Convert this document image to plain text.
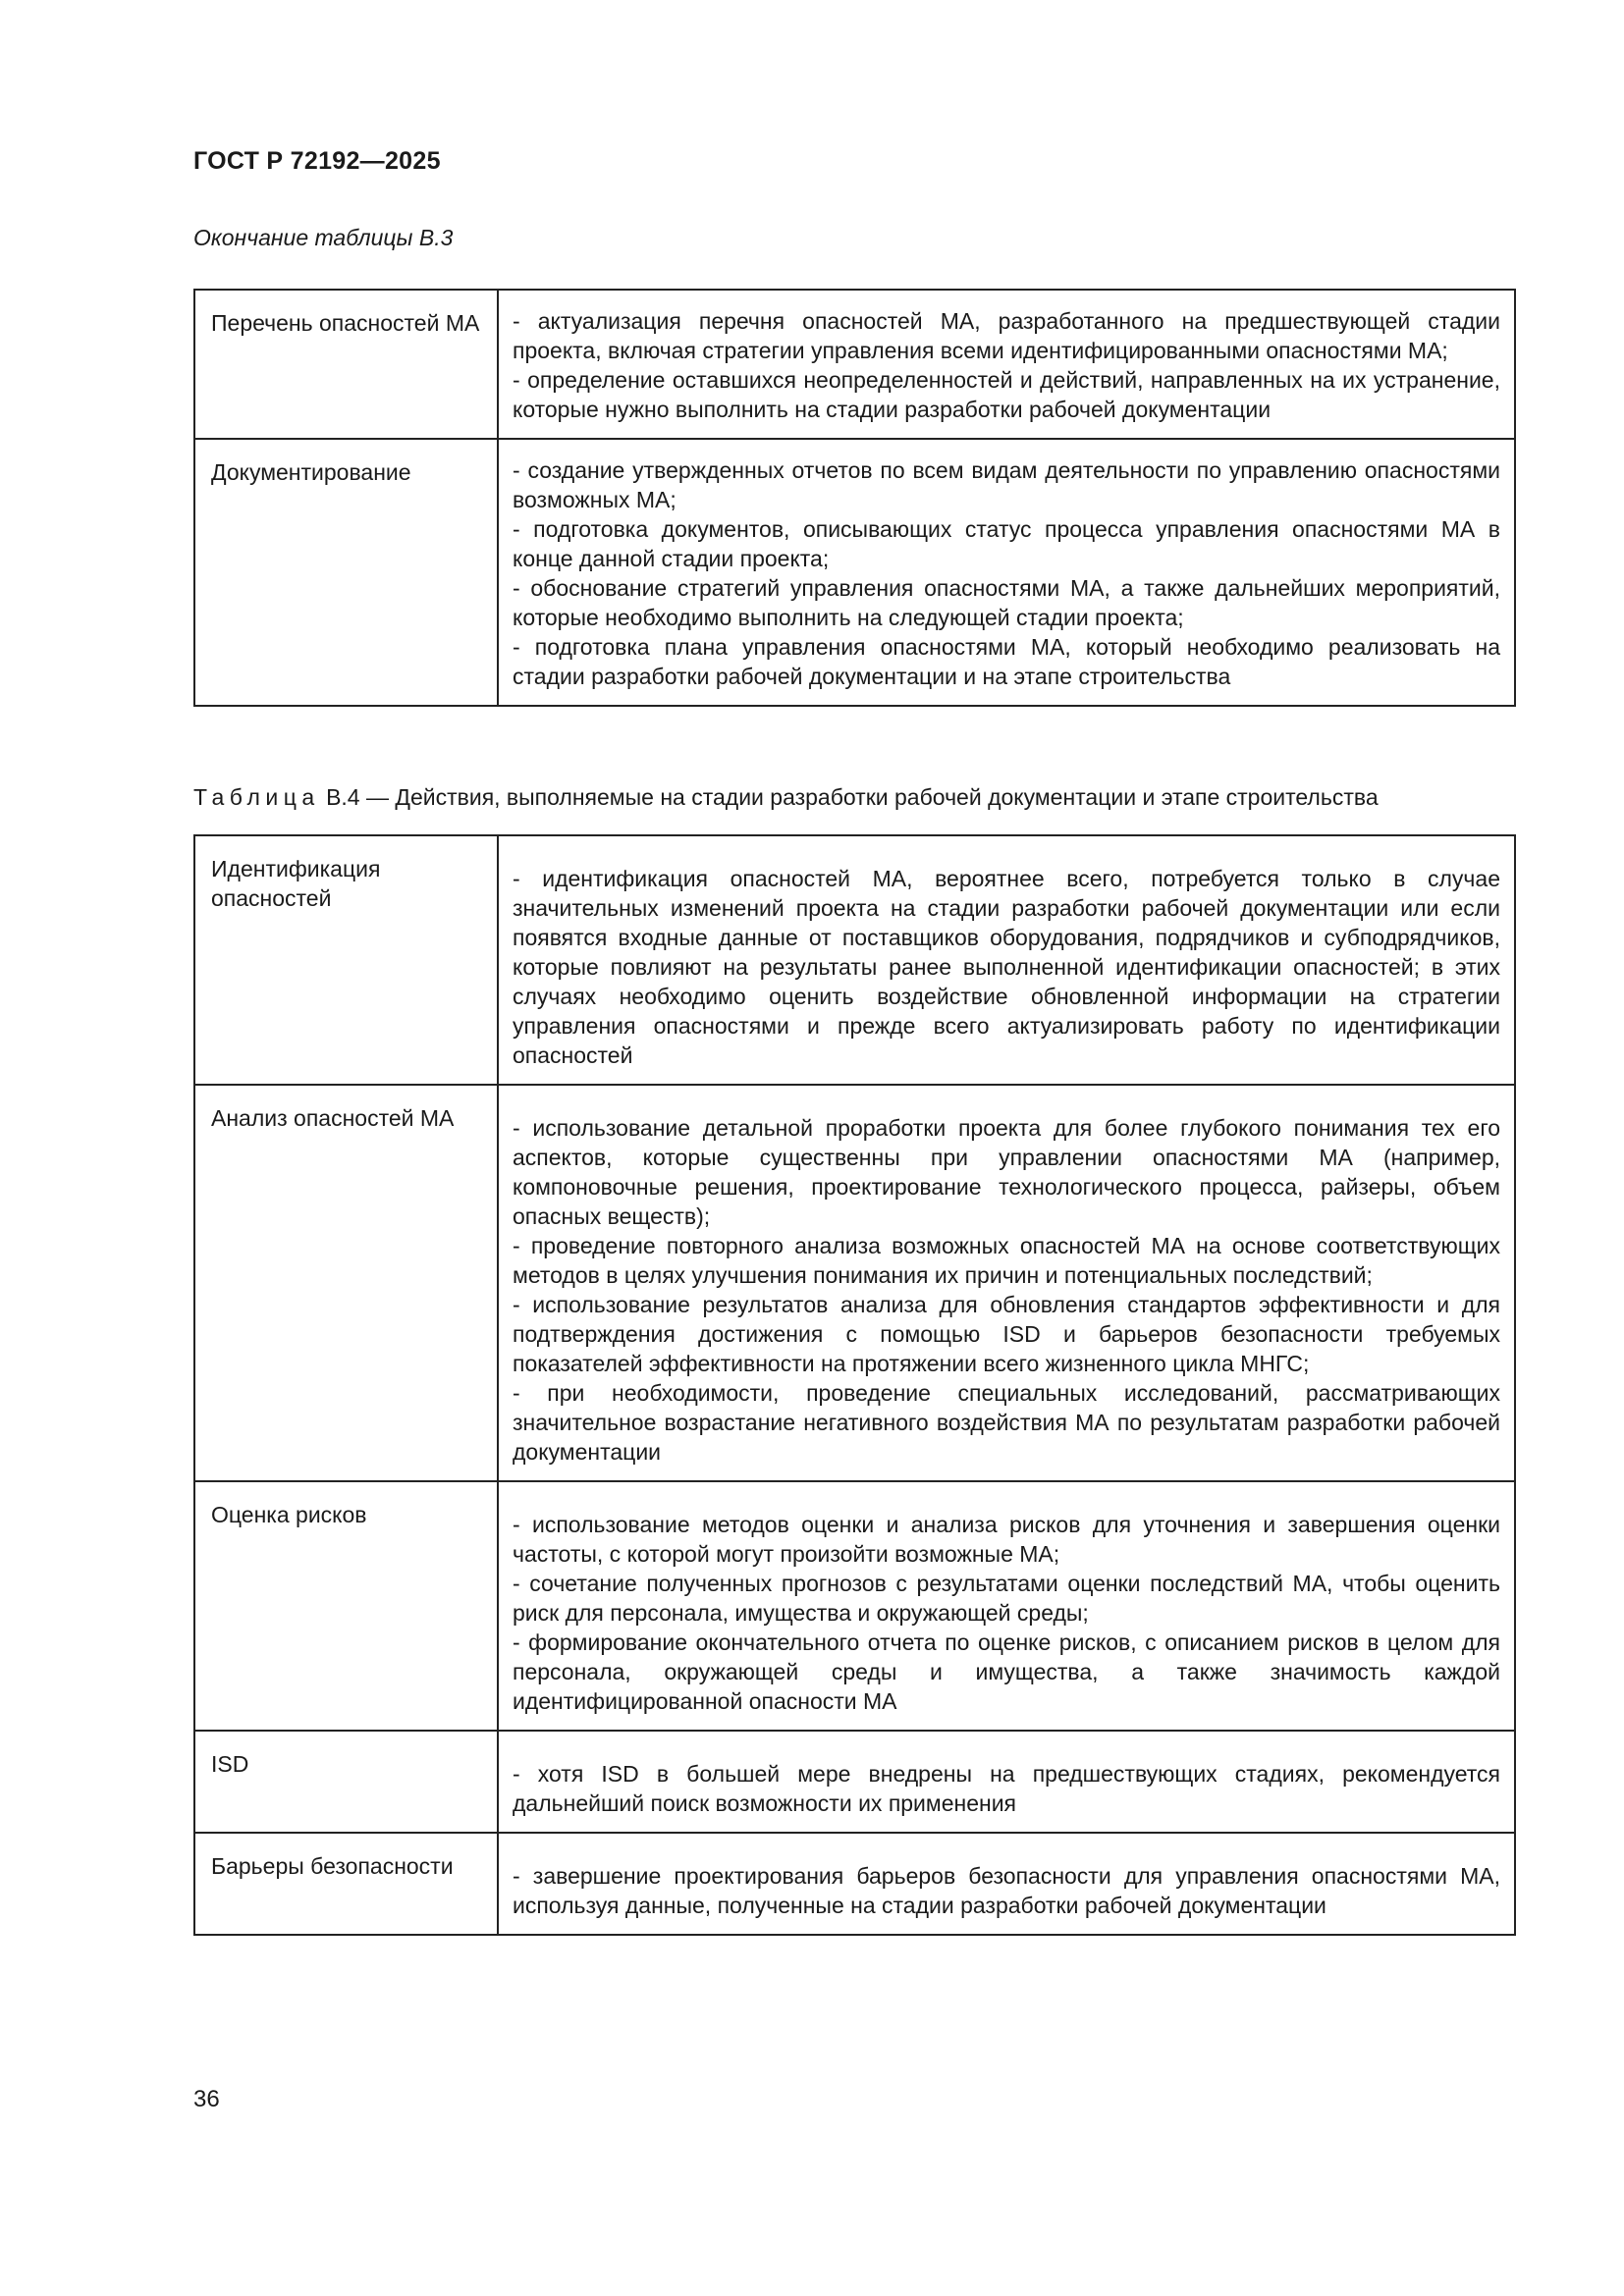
ГОСТ Р 72192—2025
Окончание таблицы В.3
Перечень опасностей МА	- актуализация перечня опасностей МА, разработанного на предшествующей стадии проекта, включая стратегии управления всеми идентифицированными опасностями МА;
- определение оставшихся неопределенностей и действий, направленных на их устранение, которые нужно выполнить на стадии разработки рабочей документации

Документирование	- создание утвержденных отчетов по всем видам деятельности по управлению опасностями возможных МА;
- подготовка документов, описывающих статус процесса управления опасностями МА в конце данной стадии проекта;
- обоснование стратегий управления опасностями МА, а также дальнейших мероприятий, которые необходимо выполнить на следующей стадии проекта;
- подготовка плана управления опасностями МА, который необходимо реализовать на стадии разработки рабочей документации и на этапе строительства
Таблица В.4 — Действия, выполняемые на стадии разработки рабочей документации и этапе строительства
Идентификация опасностей	- идентификация опасностей МА, вероятнее всего, потребуется только в случае значительных изменений проекта на стадии разработки рабочей документации или если появятся входные данные от поставщиков оборудования, подрядчиков и субподрядчиков, которые повлияют на результаты ранее выполненной идентификации опасностей; в этих случаях необходимо оценить воздействие обновленной информации на стратегии управления опасностями и прежде всего актуализировать работу по идентификации опасностей

Анализ опасностей МА	- использование детальной проработки проекта для более глубокого понимания тех его аспектов, которые существенны при управлении опасностями МА (например, компоновочные решения, проектирование технологического процесса, райзеры, объем опасных веществ);
- проведение повторного анализа возможных опасностей МА на основе соответствующих методов в целях улучшения понимания их причин и потенциальных последствий;
- использование результатов анализа для обновления стандартов эффективности и для подтверждения достижения с помощью ISD и барьеров безопасности требуемых показателей эффективности на протяжении всего жизненного цикла МНГС;
- при необходимости, проведение специальных исследований, рассматривающих значительное возрастание негативного воздействия МА по результатам разработки рабочей документации

Оценка рисков	- использование методов оценки и анализа рисков для уточнения и завершения оценки частоты, с которой могут произойти возможные МА;
- сочетание полученных прогнозов с результатами оценки последствий МА, чтобы оценить риск для персонала, имущества и окружающей среды;
- формирование окончательного отчета по оценке рисков, с описанием рисков в целом для персонала, окружающей среды и имущества, а также значимость каждой идентифицированной опасности МА

ISD	- хотя ISD в большей мере внедрены на предшествующих стадиях, рекомендуется дальнейший поиск возможности их применения

Барьеры безопасности	- завершение проектирования барьеров безопасности для управления опасностями МА, используя данные, полученные на стадии разработки рабочей документации
36
